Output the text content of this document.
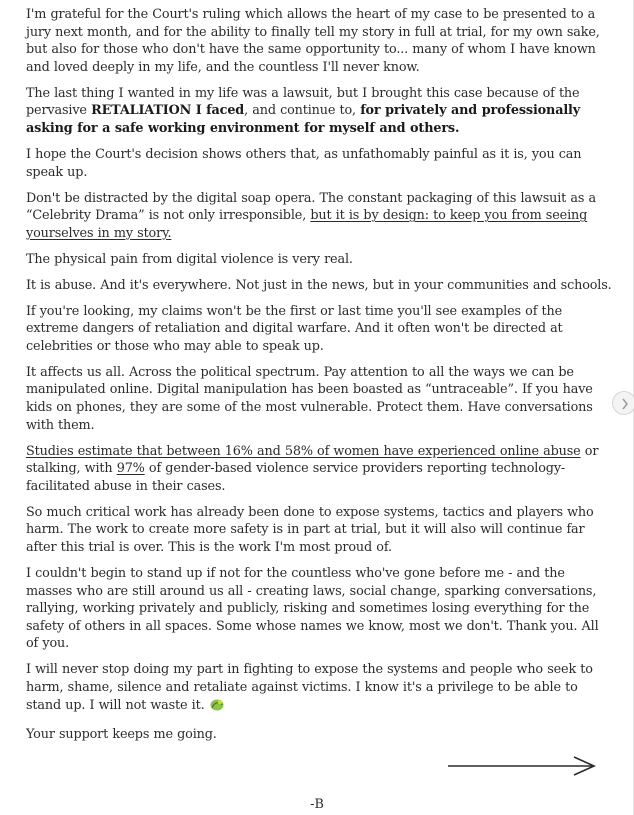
I'm grateful for the Court's ruling which allows the heart of my case to be presented to a jury next month, and for the ability to finally tell my story in full at trial, for my own sake, but also for those who don't have the same opportunity to... many of whom I have known and loved deeply in my life, and the countless I'll never know.

The last thing I wanted in my life was a lawsuit, but I brought this case because of the pervasive RETALIATION I faced, and continue to, for privately and professionally asking for a safe working environment for myself and others.

I hope the Court's decision shows others that, as unfathomably painful as it is, you can speak up.

Don't be distracted by the digital soap opera. The constant packaging of this lawsuit as a “Celebrity Drama” is not only irresponsible, but it is by design: to keep you from seeing yourselves in my story.

The physical pain from digital violence is very real.

It is abuse. And it's everywhere. Not just in the news, but in your communities and schools.

If you're looking, my claims won't be the first or last time you'll see examples of the extreme dangers of retaliation and digital warfare. And it often won't be directed at celebrities or those who may able to speak up.

It affects us all. Across the political spectrum. Pay attention to all the ways we can be manipulated online. Digital manipulation has been boasted as “untraceable”. If you have kids on phones, they are some of the most vulnerable. Protect them. Have conversations with them.

Studies estimate that between 16% and 58% of women have experienced online abuse or stalking, with 97% of gender-based violence service providers reporting technology-facilitated abuse in their cases.

So much critical work has already been done to expose systems, tactics and players who harm. The work to create more safety is in part at trial, but it will also will continue far after this trial is over. This is the work I'm most proud of.

I couldn't begin to stand up if not for the countless who've gone before me - and the masses who are still around us all - creating laws, social change, sparking conversations, rallying, working privately and publicly, risking and sometimes losing everything for the safety of others in all spaces. Some whose names we know, most we don't. Thank you. All of you.

I will never stop doing my part in fighting to expose the systems and people who seek to harm, shame, silence and retaliate against victims. I know it's a privilege to be able to stand up. I will not waste it.

Your support keeps me going.

-B
